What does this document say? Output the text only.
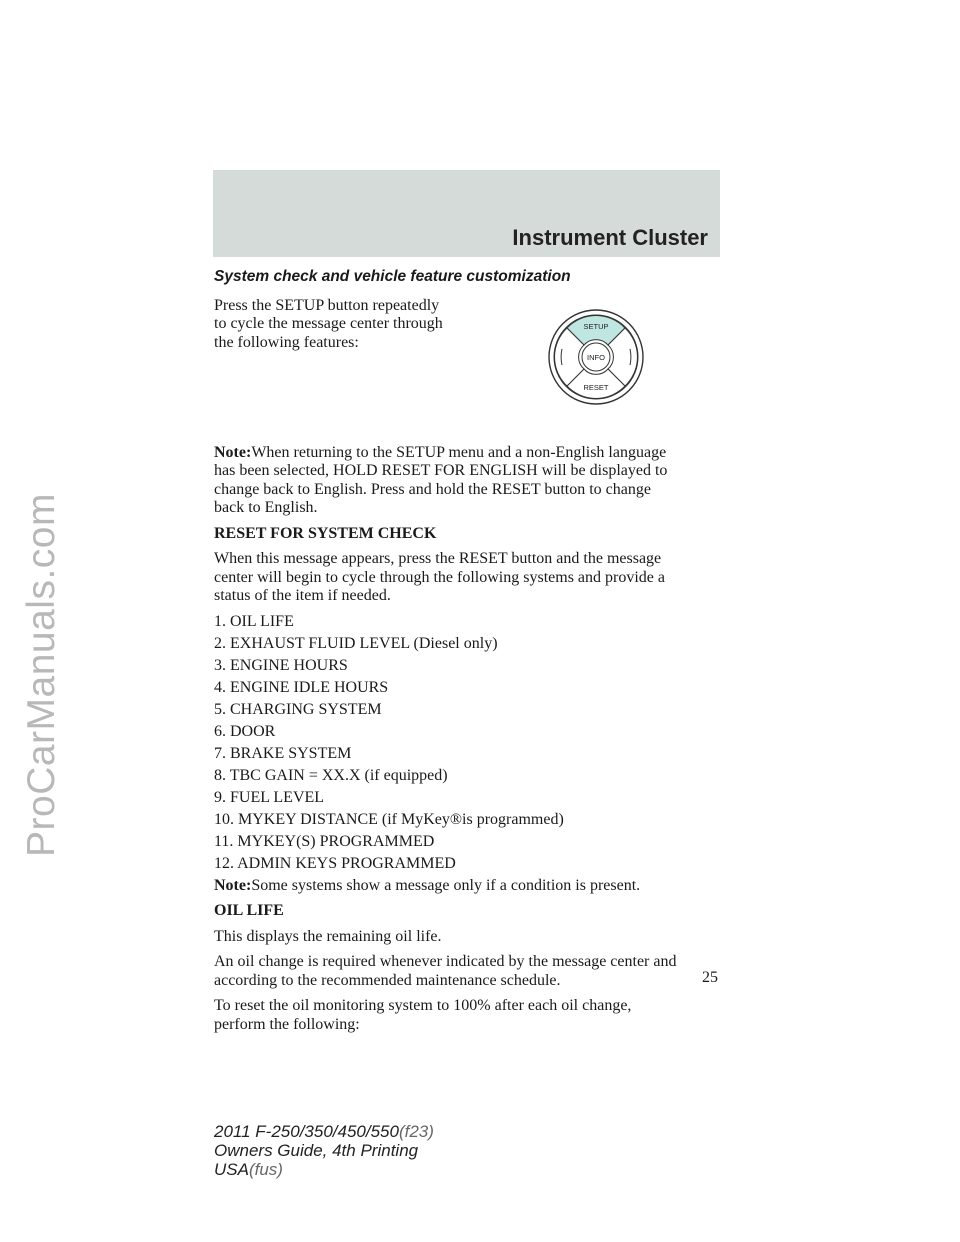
Instrument Cluster
ProCarManuals.com

System check and vehicle feature customization

Press the SETUP button repeatedly

to cycle the message center through

the following features:

SETUP
INFO
RESET

Note:When returning to the SETUP menu and a non-English language
has been selected, HOLD RESET FOR ENGLISH will be displayed to
change back to English. Press and hold the RESET button to change
back to English.

RESET FOR SYSTEM CHECK

When this message appears, press the RESET button and the message
center will begin to cycle through the following systems and provide a
status of the item if needed.

1. OIL LIFE

2. EXHAUST FLUID LEVEL (Diesel only)

3. ENGINE HOURS

4. ENGINE IDLE HOURS

5. CHARGING SYSTEM

6. DOOR

7. BRAKE SYSTEM

8. TBC GAIN = XX.X (if equipped)

9. FUEL LEVEL

10. MYKEY DISTANCE (if MyKey®is programmed)

11. MYKEY(S) PROGRAMMED

12. ADMIN KEYS PROGRAMMED

Note:Some systems show a message only if a condition is present.

OIL LIFE

This displays the remaining oil life.

An oil change is required whenever indicated by the message center and
according to the recommended maintenance schedule.

To reset the oil monitoring system to 100% after each oil change,
perform the following:

25
2011 F-250/350/450/550(f23)
Owners Guide, 4th Printing
USA(fus)
